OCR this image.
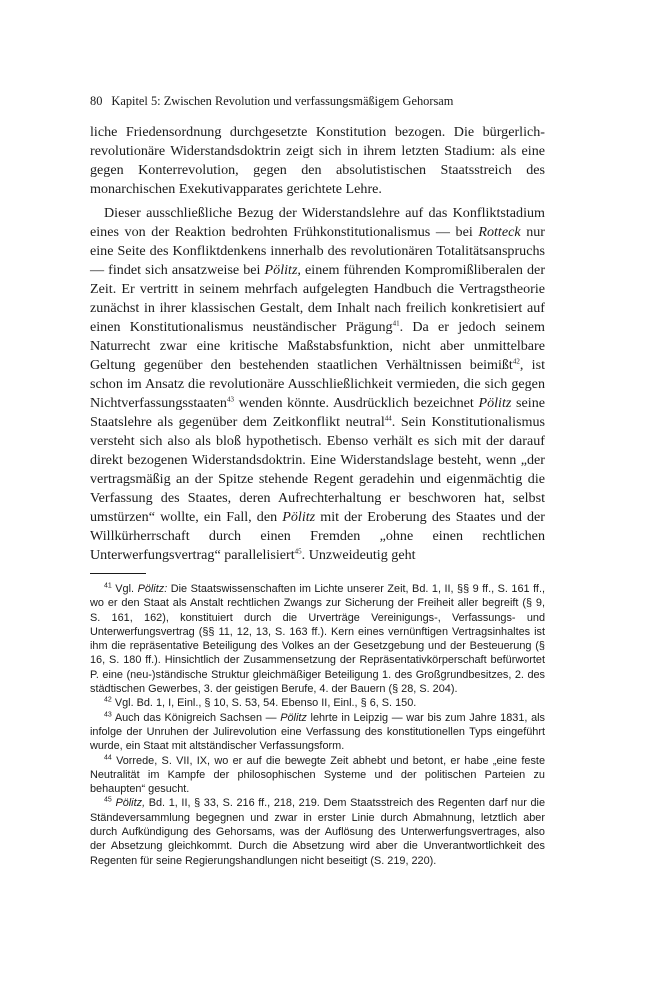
80 Kapitel 5: Zwischen Revolution und verfassungsmäßigem Gehorsam

liche Friedensordnung durchgesetzte Konstitution bezogen. Die bürgerlich-revolutionäre Widerstandsdoktrin zeigt sich in ihrem letzten Stadium: als eine gegen Konterrevolution, gegen den absolutistischen Staatsstreich des monarchischen Exekutivapparates gerichtete Lehre.

Dieser ausschließliche Bezug der Widerstandslehre auf das Konfliktstadium eines von der Reaktion bedrohten Frühkonstitutionalismus — bei Rotteck nur eine Seite des Konfliktdenkens innerhalb des revolutionären Totalitätsanspruchs — findet sich ansatzweise bei Pölitz, einem führenden Kompromißliberalen der Zeit. Er vertritt in seinem mehrfach aufgelegten Handbuch die Vertragstheorie zunächst in ihrer klassischen Gestalt, dem Inhalt nach freilich konkretisiert auf einen Konstitutionalismus neuständischer Prägung$^{41}$. Da er jedoch seinem Naturrecht zwar eine kritische Maßstabsfunktion, nicht aber unmittelbare Geltung gegenüber den bestehenden staatlichen Verhältnissen beimißt$^{42}$, ist schon im Ansatz die revolutionäre Ausschließlichkeit vermieden, die sich gegen Nichtverfassungsstaaten$^{43}$ wenden könnte. Ausdrücklich bezeichnet Pölitz seine Staatslehre als gegenüber dem Zeitkonflikt neutral$^{44}$. Sein Konstitutionalismus versteht sich also als bloß hypothetisch. Ebenso verhält es sich mit der darauf direkt bezogenen Widerstandsdoktrin. Eine Widerstandslage besteht, wenn „der vertragsmäßig an der Spitze stehende Regent geradehin und eigenmächtig die Verfassung des Staates, deren Aufrechterhaltung er beschworen hat, selbst umstürzen“ wollte, ein Fall, den Pölitz mit der Eroberung des Staates und der Willkürherrschaft durch einen Fremden „ohne einen rechtlichen Unterwerfungsvertrag“ parallelisiert$^{45}$. Unzweideutig geht

$^{41}$ Vgl. Pölitz: Die Staatswissenschaften im Lichte unserer Zeit, Bd. 1, II, §§ 9 ff., S. 161 ff., wo er den Staat als Anstalt rechtlichen Zwangs zur Sicherung der Freiheit aller begreift (§ 9, S. 161, 162), konstituiert durch die Urverträge Vereinigungs-, Verfassungs- und Unterwerfungsvertrag (§§ 11, 12, 13, S. 163 ff.). Kern eines vernünftigen Vertragsinhaltes ist ihm die repräsentative Beteiligung des Volkes an der Gesetzgebung und der Besteuerung (§ 16, S. 180 ff.). Hinsichtlich der Zusammensetzung der Repräsentativkörperschaft befürwortet P. eine (neu-)ständische Struktur gleichmäßiger Beteiligung 1. des Großgrundbesitzes, 2. des städtischen Gewerbes, 3. der geistigen Berufe, 4. der Bauern (§ 28, S. 204).

$^{42}$ Vgl. Bd. 1, I, Einl., § 10, S. 53, 54. Ebenso II, Einl., § 6, S. 150.

$^{43}$ Auch das Königreich Sachsen — Pölitz lehrte in Leipzig — war bis zum Jahre 1831, als infolge der Unruhen der Julirevolution eine Verfassung des konstitutionellen Typs eingeführt wurde, ein Staat mit altständischer Verfassungsform.

$^{44}$ Vorrede, S. VII, IX, wo er auf die bewegte Zeit abhebt und betont, er habe „eine feste Neutralität im Kampfe der philosophischen Systeme und der politischen Parteien zu behaupten“ gesucht.

$^{45}$ Pölitz, Bd. 1, II, § 33, S. 216 ff., 218, 219. Dem Staatsstreich des Regenten darf nur die Ständeversammlung begegnen und zwar in erster Linie durch Abmahnung, letztlich aber durch Aufkündigung des Gehorsams, was der Auflösung des Unterwerfungsvertrages, also der Absetzung gleichkommt. Durch die Absetzung wird aber die Unverantwortlichkeit des Regenten für seine Regierungshandlungen nicht beseitigt (S. 219, 220).
